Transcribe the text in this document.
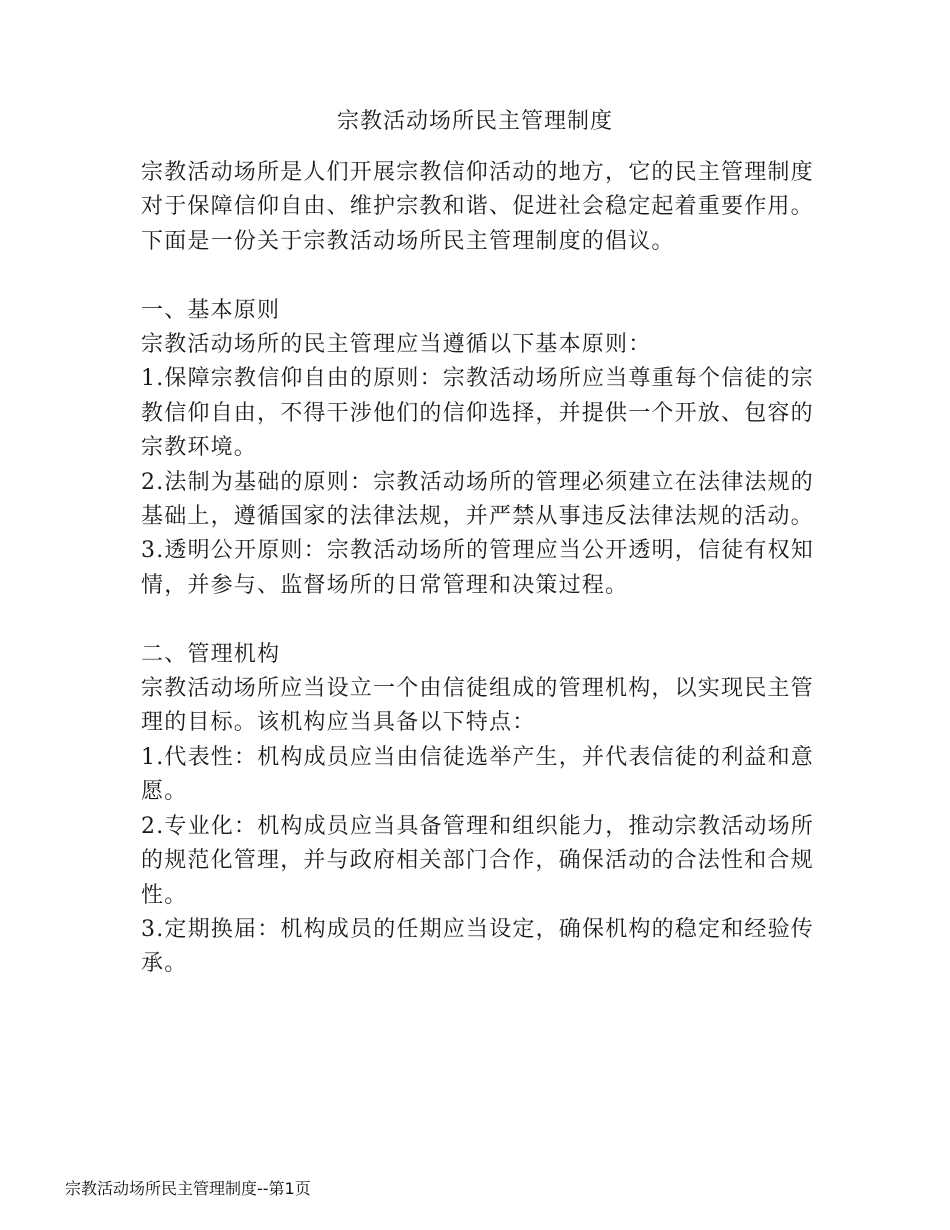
宗教活动场所民主管理制度

宗教活动场所是人们开展宗教信仰活动的地方，它的民主管理制度对于保障信仰自由、维护宗教和谐、促进社会稳定起着重要作用。下面是一份关于宗教活动场所民主管理制度的倡议。

一、基本原则

宗教活动场所的民主管理应当遵循以下基本原则：

1.保障宗教信仰自由的原则：宗教活动场所应当尊重每个信徒的宗教信仰自由，不得干涉他们的信仰选择，并提供一个开放、包容的宗教环境。

2.法制为基础的原则：宗教活动场所的管理必须建立在法律法规的基础上，遵循国家的法律法规，并严禁从事违反法律法规的活动。

3.透明公开原则：宗教活动场所的管理应当公开透明，信徒有权知情，并参与、监督场所的日常管理和决策过程。

二、管理机构

宗教活动场所应当设立一个由信徒组成的管理机构，以实现民主管理的目标。该机构应当具备以下特点：

1.代表性：机构成员应当由信徒选举产生，并代表信徒的利益和意愿。

2.专业化：机构成员应当具备管理和组织能力，推动宗教活动场所的规范化管理，并与政府相关部门合作，确保活动的合法性和合规性。

3.定期换届：机构成员的任期应当设定，确保机构的稳定和经验传承。

宗教活动场所民主管理制度--第1页
